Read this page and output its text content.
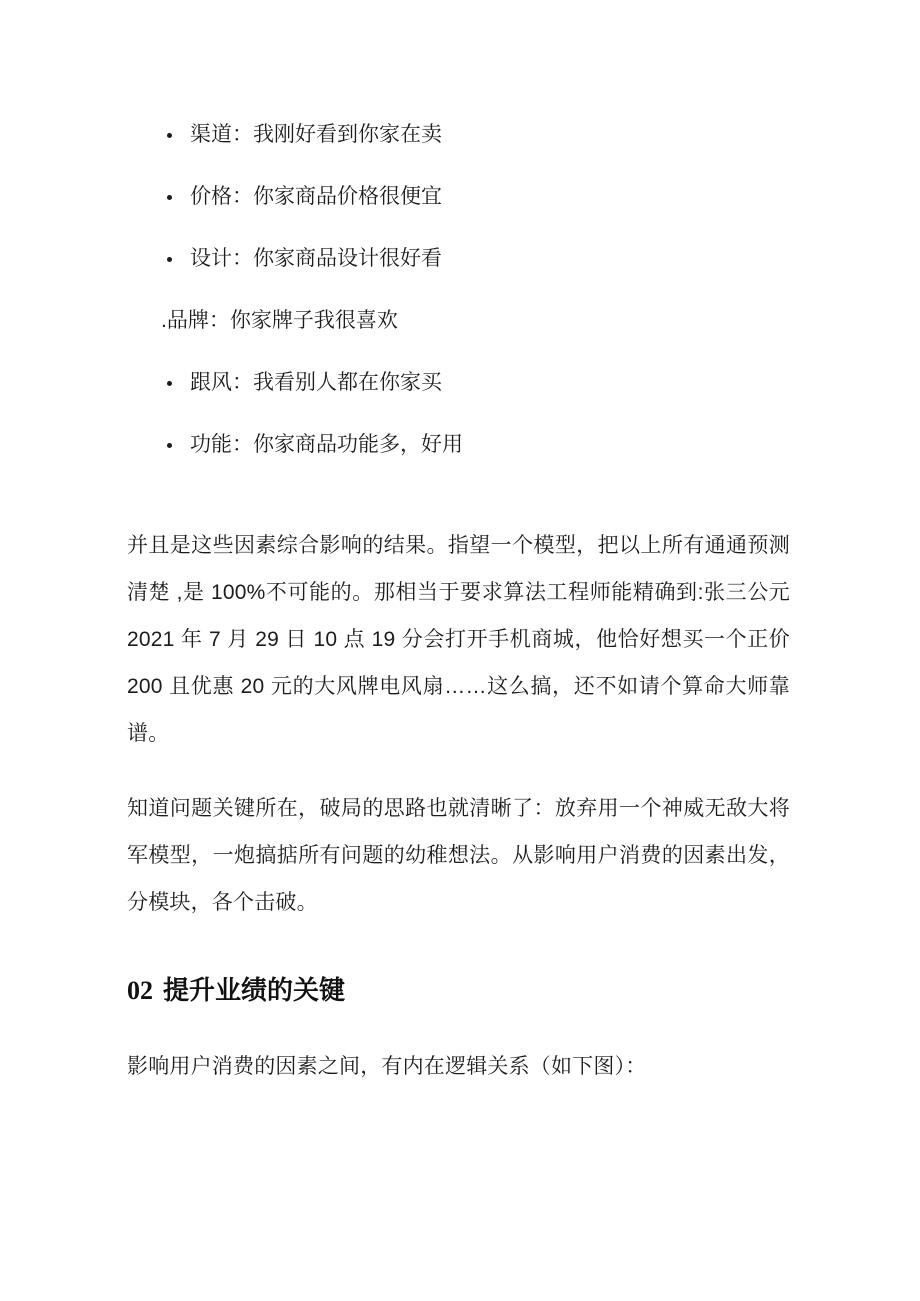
渠道：我刚好看到你家在卖
价格：你家商品价格很便宜
设计：你家商品设计很好看

.品牌：你家牌子我很喜欢

跟风：我看别人都在你家买
功能：你家商品功能多，好用

并且是这些因素综合影响的结果。指望一个模型，把以上所有通通预测清楚 ,是 100%不可能的。那相当于要求算法工程师能精确到:张三公元 2021 年 7 月 29 日 10 点 19 分会打开手机商城，他恰好想买一个正价 200 且优惠 20 元的大风牌电风扇……这么搞，还不如请个算命大师靠谱。

知道问题关键所在，破局的思路也就清晰了：放弃用一个神威无敌大将军模型，一炮搞掂所有问题的幼稚想法。从影响用户消费的因素出发，分模块，各个击破。

02 提升业绩的关键

影响用户消费的因素之间，有内在逻辑关系（如下图）：
